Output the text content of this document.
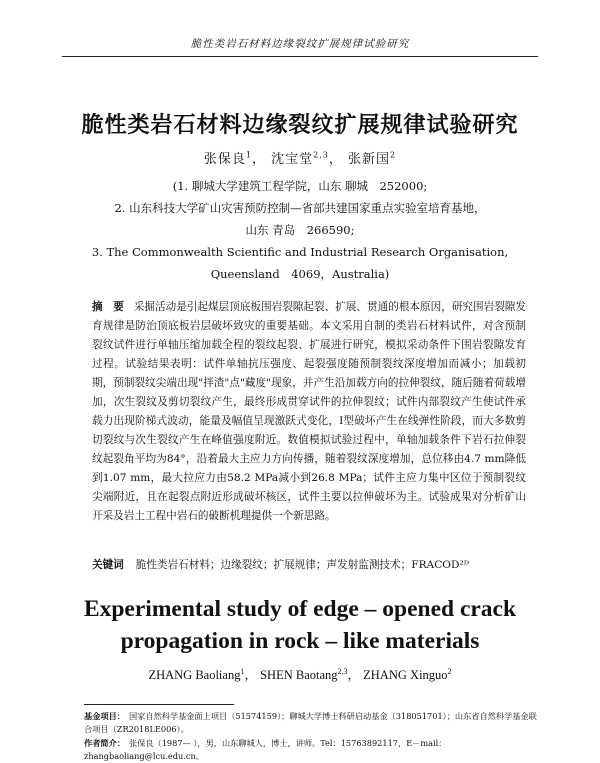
脆性类岩石材料边缘裂纹扩展规律试验研究
脆性类岩石材料边缘裂纹扩展规律试验研究
张保良$^1$， 沈宝堂$^{2,3}$， 张新国$^2$
(1. 聊城大学建筑工程学院，山东 聊城　252000;
2. 山东科技大学矿山灾害预防控制—省部共建国家重点实验室培育基地，
山东 青岛　266590;
3. The Commonwealth Scientific and Industrial Research Organisation,
Queensland　4069，Australia)
摘　要 采掘活动是引起煤层顶底板围岩裂隙起裂、扩展、贯通的根本原因，研究围岩裂隙发育规律是防治顶底板岩层破坏致灾的重要基础。本文采用自制的类岩石材料试件，对含预制裂纹试件进行单轴压缩加载全程的裂纹起裂、扩展进行研究，模拟采动条件下围岩裂隙发育过程。试验结果表明：试件单轴抗压强度、起裂强度随预制裂纹深度增加而减小；加载初期，预制裂纹尖端出现"拌渣"点"藏度"现象，并产生沿加载方向的拉伸裂纹，随后随着荷载增加，次生裂纹及剪切裂纹产生，最终形成贯穿试件的拉伸裂纹；试件内部裂纹产生使试件承载力出现阶梯式波动，能量及幅值呈现激跃式变化，I型破坏产生在线弹性阶段，而大多数剪切裂纹与次生裂纹产生在峰值强度附近。数值模拟试验过程中，单轴加载条件下岩石拉伸裂纹起裂角平均为84°，沿着最大主应力方向传播，随着裂纹深度增加，总位移由4.7 mm降低到1.07 mm，最大拉应力由58.2 MPa减小到26.8 MPa；试件主应力集中区位于预制裂纹尖端附近，且在起裂点附近形成破坏核区，试件主要以拉伸破坏为主。试验成果对分析矿山开采及岩土工程中岩石的破断机理提供一个新思路。
关键词 脆性类岩石材料；边缘裂纹；扩展规律；声发射监测技术；FRACOD²ᴰ
Experimental study of edge – opened crack
propagation in rock – like materials
ZHANG Baoliang$^1$， SHEN Baotang$^{2,3}$， ZHANG Xinguo$^2$
基金项目： 国家自然科学基金面上项目（51574159）；聊城大学博士科研启动基金（318051701）；山东省自然科学基金联合项目（ZR2018LE006）。
作者简介： 张保良（1987— ），男，山东聊城人，博士，讲师。Tel：15763892117，E－mail：zhangbaoliang@lcu.edu.cn。
